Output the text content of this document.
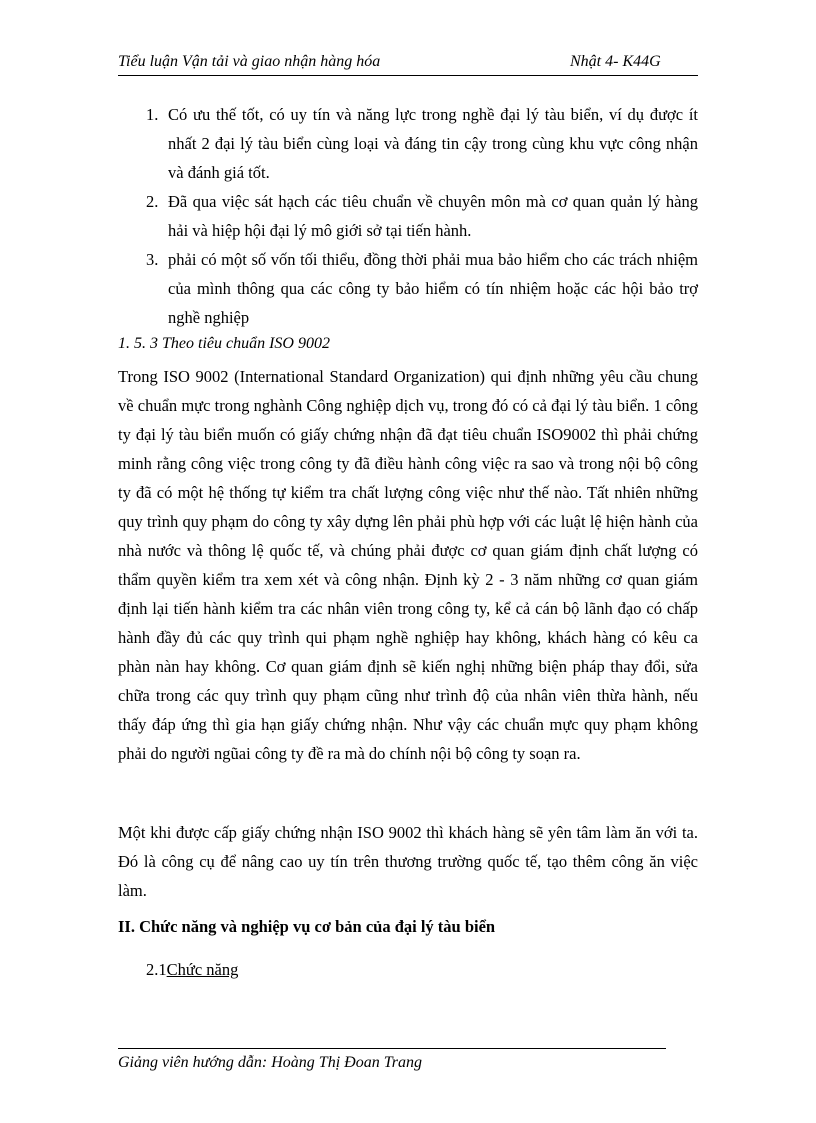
Tiểu luận Vận tải và giao nhận hàng hóa	Nhật 4- K44G
1. Có ưu thế tốt, có uy tín và năng lực trong nghề đại lý tàu biển, ví dụ được ít nhất 2 đại lý tàu biển cùng loại và đáng tin cậy trong cùng khu vực công nhận và đánh giá tốt.
2. Đã qua việc sát hạch các tiêu chuẩn về chuyên môn mà cơ quan quản lý hàng hải và hiệp hội đại lý mô giới sở tại tiến hành.
3. phải có một số vốn tối thiểu, đồng thời phải mua bảo hiểm cho các trách nhiệm của mình thông qua các công ty bảo hiểm có tín nhiệm hoặc các hội bảo trợ nghề nghiệp
1. 5. 3 Theo tiêu chuẩn ISO 9002

Trong ISO 9002 (International Standard Organization) qui định những yêu cầu chung về chuẩn mực trong nghành Công nghiệp dịch vụ, trong đó có cả đại lý tàu biển. 1 công ty đại lý tàu biển muốn có giấy chứng nhận đã đạt tiêu chuẩn ISO9002 thì phải chứng minh rằng công việc trong công ty đã điều hành công việc ra sao và trong nội bộ công ty đã có một hệ thống tự kiểm tra chất lượng công việc như thế nào. Tất nhiên những quy trình quy phạm do công ty xây dựng lên phải phù hợp với các luật lệ hiện hành của nhà nước và thông lệ quốc tế, và chúng phải được cơ quan giám định chất lượng có thẩm quyền kiểm tra xem xét và công nhận. Định kỳ 2 - 3 năm những cơ quan giám định lại tiến hành kiểm tra các nhân viên trong công ty, kể cả cán bộ lãnh đạo có chấp hành đầy đủ các quy trình qui phạm nghề nghiệp hay không, khách hàng có kêu ca phàn nàn hay không. Cơ quan giám định sẽ kiến nghị những biện pháp thay đổi, sửa chữa trong các quy trình quy phạm cũng như trình độ của nhân viên thừa hành, nếu thấy đáp ứng thì gia hạn giấy chứng nhận. Như vậy các chuẩn mực quy phạm không phải do người ngũai công ty đề ra mà do chính nội bộ công ty soạn ra.

Một khi được cấp giấy chứng nhận ISO 9002 thì khách hàng sẽ yên tâm làm ăn với ta. Đó là công cụ để nâng cao uy tín trên thương trường quốc tế, tạo thêm công ăn việc làm.

II. Chức năng và nghiệp vụ cơ bản của đại lý tàu biển
2.1Chức năng
Giảng viên hướng dẫn: Hoàng Thị Đoan Trang
